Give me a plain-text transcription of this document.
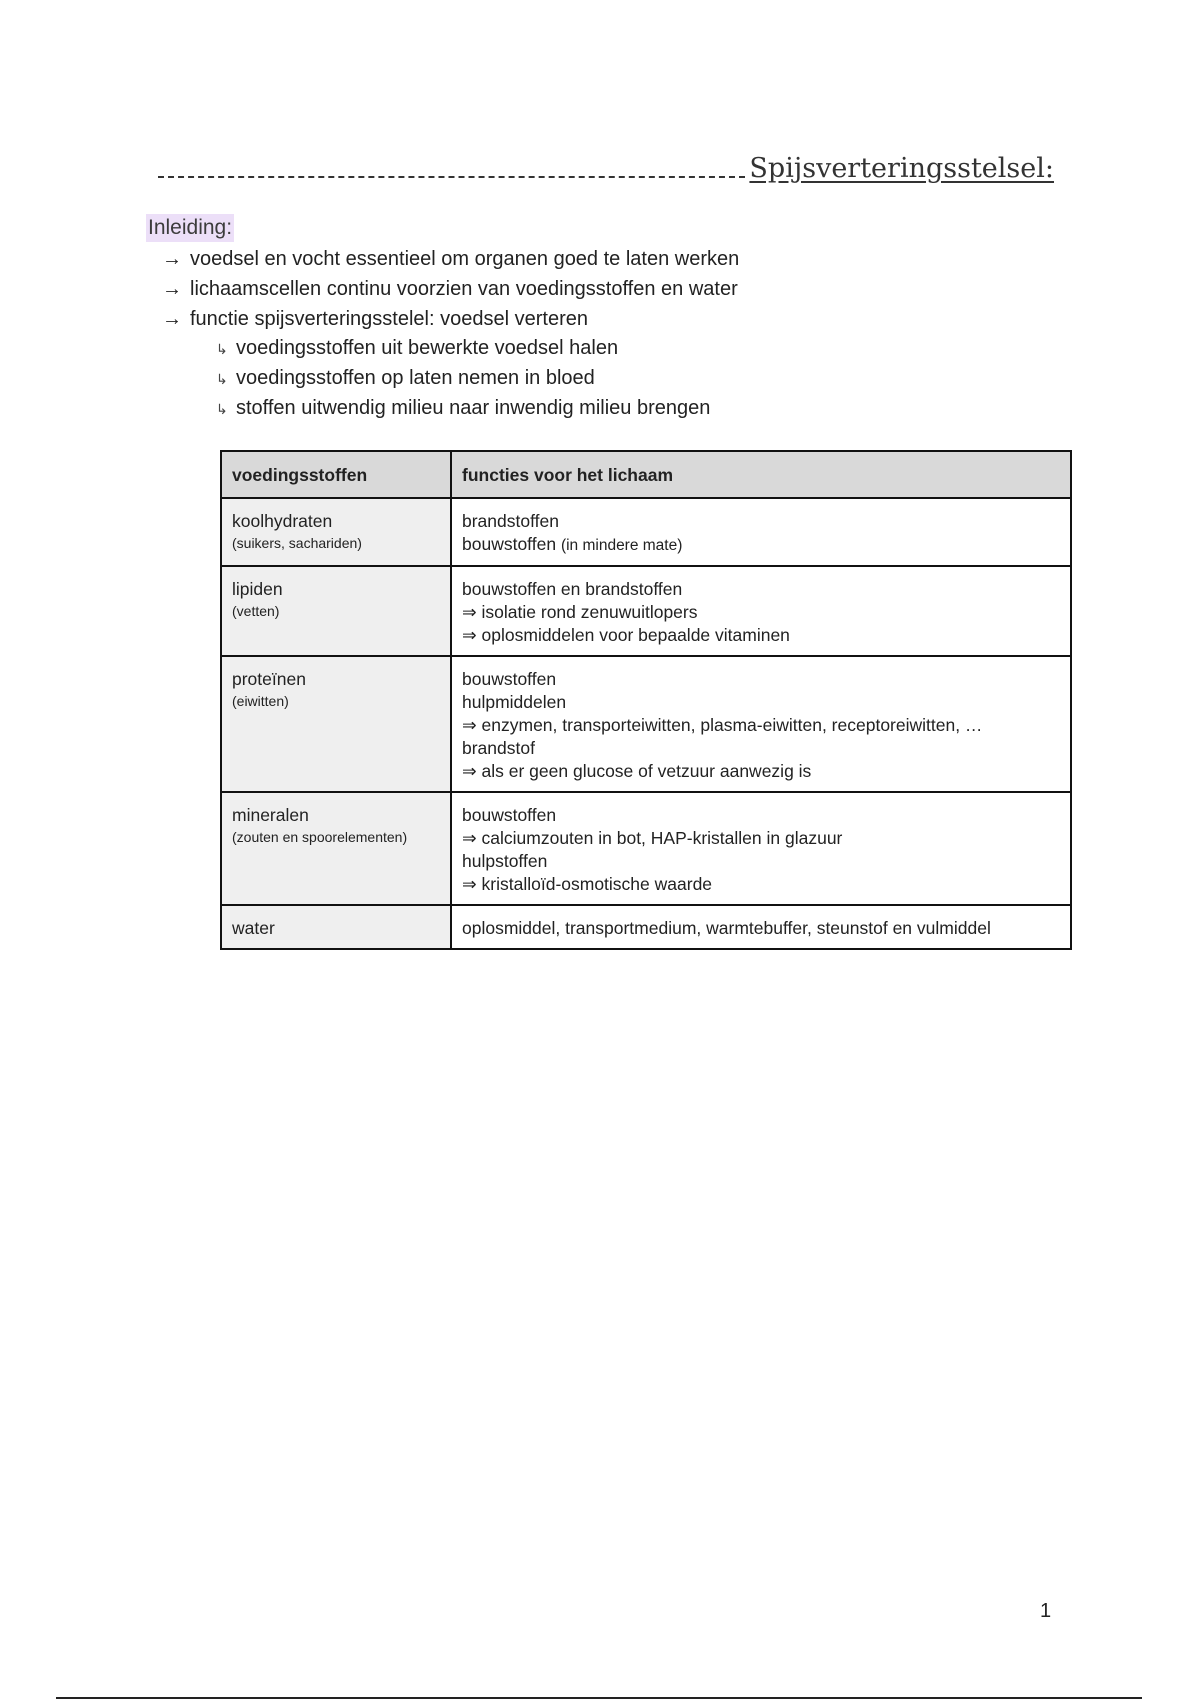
Spijsverteringsstelsel:
Inleiding:
→ voedsel en vocht essentieel om organen goed te laten werken
→ lichaamscellen continu voorzien van voedingsstoffen en water
→ functie spijsverteringsstelel: voedsel verteren
↳ voedingsstoffen uit bewerkte voedsel halen
↳ voedingsstoffen op laten nemen in bloed
↳ stoffen uitwendig milieu naar inwendig milieu brengen
voedingsstoffen	functies voor het lichaam

koolhydraten
(suikers, sachariden)	brandstoffen
bouwstoffen (in mindere mate)

lipiden
(vetten)	bouwstoffen en brandstoffen
⇒ isolatie rond zenuwuitlopers
⇒ oplosmiddelen voor bepaalde vitaminen

proteïnen
(eiwitten)	bouwstoffen
hulpmiddelen
⇒ enzymen, transporteiwitten, plasma-eiwitten, receptoreiwitten, …
brandstof
⇒ als er geen glucose of vetzuur aanwezig is

mineralen
(zouten en spoorelementen)	bouwstoffen
⇒ calciumzouten in bot, HAP-kristallen in glazuur
hulpstoffen
⇒ kristalloïd-osmotische waarde

water	oplosmiddel, transportmedium, warmtebuffer, steunstof en vulmiddel
1
